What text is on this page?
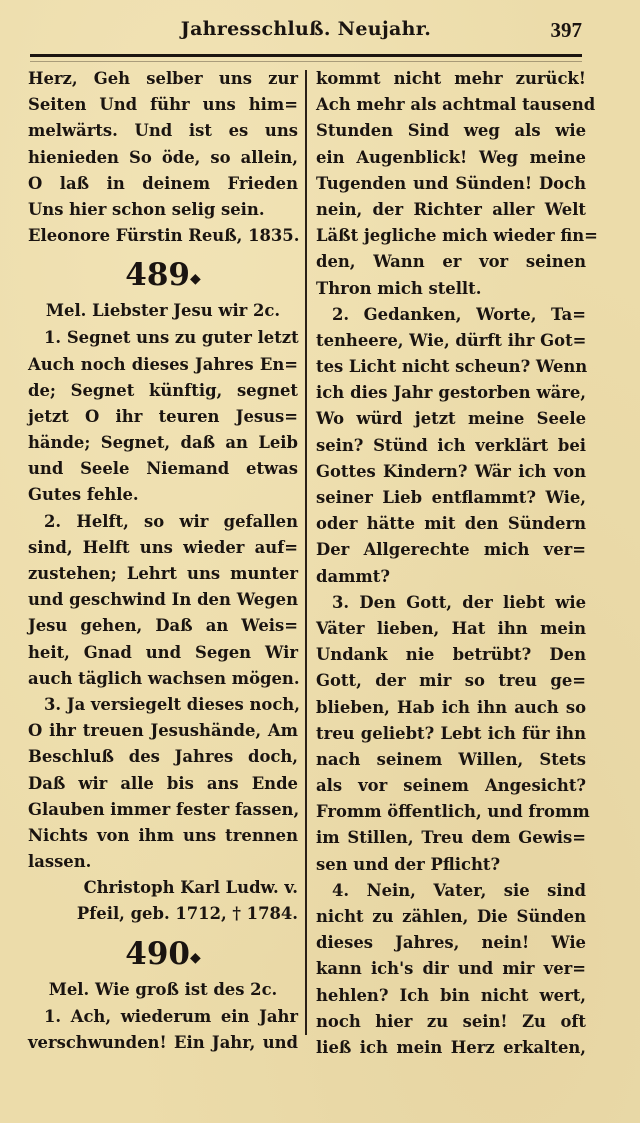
Jahresschluß. Neujahr.	397
Herz, Geh selber uns zur
Seiten Und führ uns him=
melwärts. Und ist es uns
hienieden So öde, so allein,
O laß in deinem Frieden
Uns hier schon selig sein.
Eleonore Fürstin Reuß, 1835.
489◆
Mel. Liebster Jesu wir 2c.
1. Segnet uns zu guter letzt
Auch noch dieses Jahres En=
de; Segnet künftig, segnet
jetzt O ihr teuren Jesus=
hände; Segnet, daß an Leib
und Seele Niemand etwas
Gutes fehle.
2. Helft, so wir gefallen
sind, Helft uns wieder auf=
zustehen; Lehrt uns munter
und geschwind In den Wegen
Jesu gehen, Daß an Weis=
heit, Gnad und Segen Wir
auch täglich wachsen mögen.
3. Ja versiegelt dieses noch,
O ihr treuen Jesushände, Am
Beschluß des Jahres doch,
Daß wir alle bis ans Ende
Glauben immer fester fassen,
Nichts von ihm uns trennen
lassen.
Christoph Karl Ludw. v.
Pfeil, geb. 1712, † 1784.
490◆
Mel. Wie groß ist des 2c.
1. Ach, wiederum ein Jahr
verschwunden! Ein Jahr, und
kommt nicht mehr zurück!
Ach mehr als achtmal tausend
Stunden Sind weg als wie
ein Augenblick! Weg meine
Tugenden und Sünden! Doch
nein, der Richter aller Welt
Läßt jegliche mich wieder fin=
den, Wann er vor seinen
Thron mich stellt.
2. Gedanken, Worte, Ta=
tenheere, Wie, dürft ihr Got=
tes Licht nicht scheun? Wenn
ich dies Jahr gestorben wäre,
Wo würd jetzt meine Seele
sein? Stünd ich verklärt bei
Gottes Kindern? Wär ich von
seiner Lieb entflammt? Wie,
oder hätte mit den Sündern
Der Allgerechte mich ver=
dammt?
3. Den Gott, der liebt wie
Väter lieben, Hat ihn mein
Undank nie betrübt? Den
Gott, der mir so treu ge=
blieben, Hab ich ihn auch so
treu geliebt? Lebt ich für ihn
nach seinem Willen, Stets
als vor seinem Angesicht?
Fromm öffentlich, und fromm
im Stillen, Treu dem Gewis=
sen und der Pflicht?
4. Nein, Vater, sie sind
nicht zu zählen, Die Sünden
dieses Jahres, nein! Wie
kann ich's dir und mir ver=
hehlen? Ich bin nicht wert,
noch hier zu sein! Zu oft
ließ ich mein Herz erkalten,
